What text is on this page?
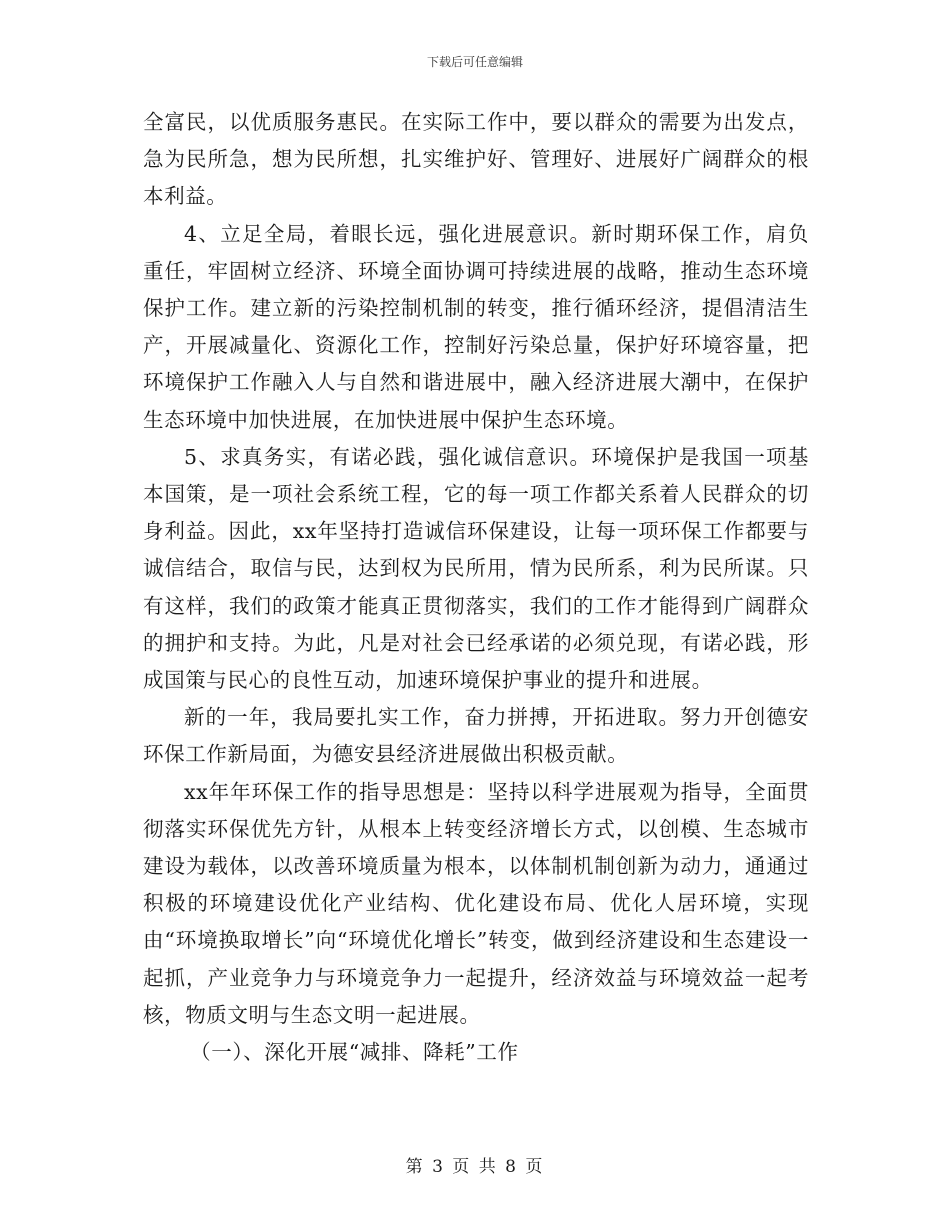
下载后可任意编辑

全富民，以优质服务惠民。在实际工作中，要以群众的需要为出发点，急为民所急，想为民所想，扎实维护好、管理好、进展好广阔群众的根本利益。

4、立足全局，着眼长远，强化进展意识。新时期环保工作，肩负重任，牢固树立经济、环境全面协调可持续进展的战略，推动生态环境保护工作。建立新的污染控制机制的转变，推行循环经济，提倡清洁生产，开展减量化、资源化工作，控制好污染总量，保护好环境容量，把环境保护工作融入人与自然和谐进展中，融入经济进展大潮中，在保护生态环境中加快进展，在加快进展中保护生态环境。

5、求真务实，有诺必践，强化诚信意识。环境保护是我国一项基本国策，是一项社会系统工程，它的每一项工作都关系着人民群众的切身利益。因此，xx年坚持打造诚信环保建设，让每一项环保工作都要与诚信结合，取信与民，达到权为民所用，情为民所系，利为民所谋。只有这样，我们的政策才能真正贯彻落实，我们的工作才能得到广阔群众的拥护和支持。为此，凡是对社会已经承诺的必须兑现，有诺必践，形成国策与民心的良性互动，加速环境保护事业的提升和进展。

新的一年，我局要扎实工作，奋力拼搏，开拓进取。努力开创德安环保工作新局面，为德安县经济进展做出积极贡献。

xx年年环保工作的指导思想是：坚持以科学进展观为指导，全面贯彻落实环保优先方针，从根本上转变经济增长方式，以创模、生态城市建设为载体，以改善环境质量为根本，以体制机制创新为动力，通通过积极的环境建设优化产业结构、优化建设布局、优化人居环境，实现由“环境换取增长”向“环境优化增长”转变，做到经济建设和生态建设一起抓，产业竞争力与环境竞争力一起提升，经济效益与环境效益一起考核，物质文明与生态文明一起进展。

（一）、深化开展“减排、降耗”工作

第 3 页 共 8 页
